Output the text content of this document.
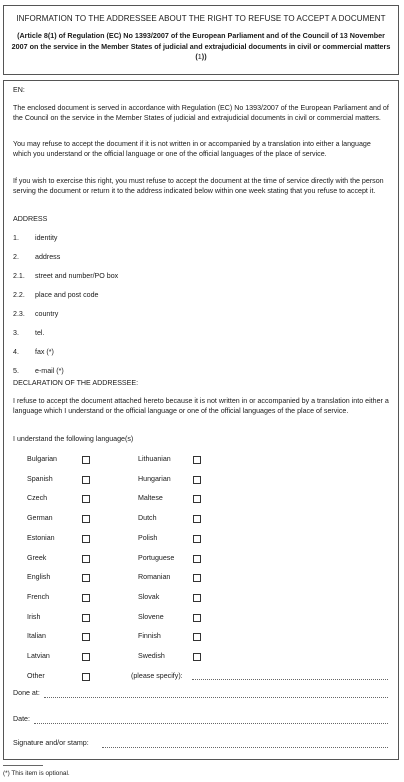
INFORMATION TO THE ADDRESSEE ABOUT THE RIGHT TO REFUSE TO ACCEPT A DOCUMENT
(Article 8(1) of Regulation (EC) No 1393/2007 of the European Parliament and of the Council of 13 November 2007 on the service in the Member States of judicial and extrajudicial documents in civil or commercial matters (1))
EN:
The enclosed document is served in accordance with Regulation (EC) No 1393/2007 of the European Parliament and of the Council on the service in the Member States of judicial and extrajudicial documents in civil or commercial matters.
You may refuse to accept the document if it is not written in or accompanied by a translation into either a language which you understand or the official language or one of the official languages of the place of service.
If you wish to exercise this right, you must refuse to accept the document at the time of service directly with the person serving the document or return it to the address indicated below within one week stating that you refuse to accept it.
ADDRESS
1. identity
2. address
2.1. street and number/PO box
2.2. place and post code
2.3. country
3. tel.
4. fax (*)
5. e-mail (*)
DECLARATION OF THE ADDRESSEE:
I refuse to accept the document attached hereto because it is not written in or accompanied by a translation into either a language which I understand or the official language or one of the official languages of the place of service.
I understand the following language(s)
Bulgarian
Spanish
Czech
German
Estonian
Greek
English
French
Irish
Italian
Latvian
Other
Lithuanian
Hungarian
Maltese
Dutch
Polish
Portuguese
Romanian
Slovak
Slovene
Finnish
Swedish
(please specify):
Done at:
Date:
Signature and/or stamp:
(*) This item is optional.
